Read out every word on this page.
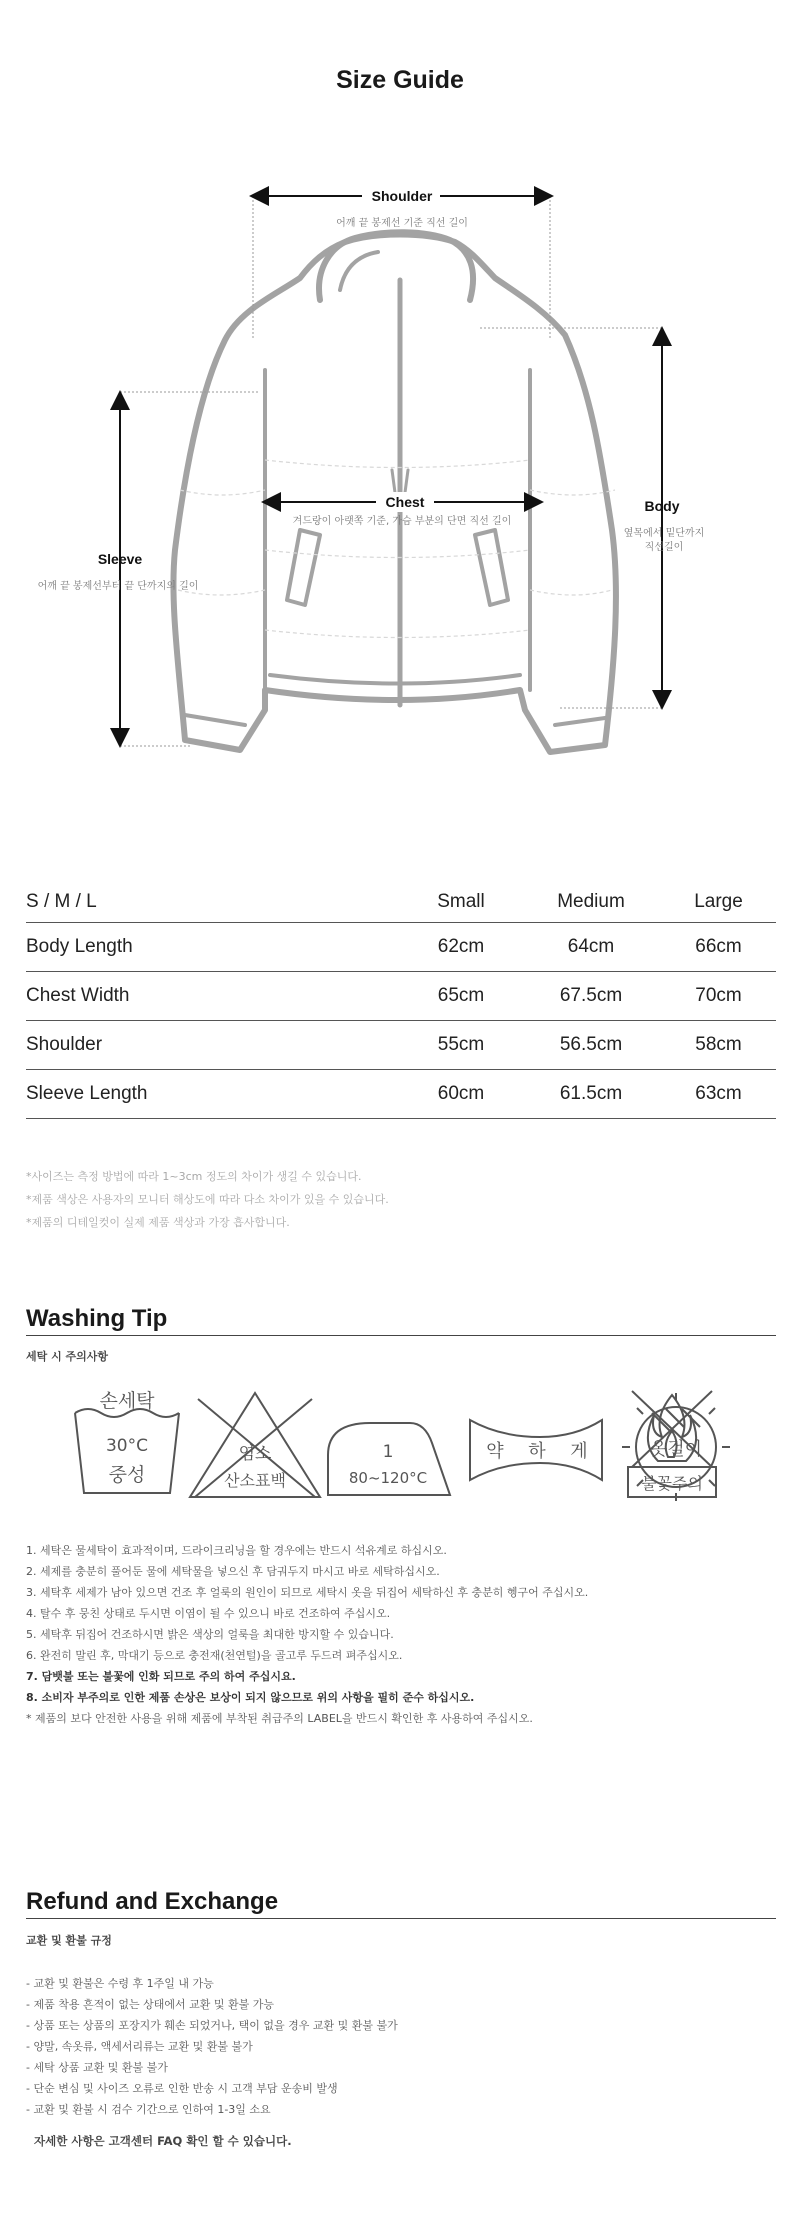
Size Guide
Shoulder
어깨 끝 봉제선 기준 직선 길이
Chest
겨드랑이 아랫쪽 기준, 가슴 부분의 단면 직선 길이
Body
옆목에서 밑단까지
직선길이
Sleeve
어깨 끝 봉제선부터 끝 단까지의 길이
S / M / L	Small	Medium	Large
Body Length	62cm	64cm	66cm
Chest Width	65cm	67.5cm	70cm
Shoulder	55cm	56.5cm	58cm
Sleeve Length	60cm	61.5cm	63cm
*사이즈는 측정 방법에 따라 1~3cm 정도의 차이가 생길 수 있습니다.
*제품 색상은 사용자의 모니터 해상도에 따라 다소 차이가 있을 수 있습니다.
*제품의 디테일컷이 실제 제품 색상과 가장 흡사합니다.
Washing Tip
세탁 시 주의사항
손세탁
30°C
중성
염소
산소표백
1
80~120°C
약 하 게	옷걸이
불꽃주의
1. 세탁은 물세탁이 효과적이며, 드라이크리닝을 할 경우에는 반드시 석유계로 하십시오.
2. 세제를 충분히 풀어둔 물에 세탁물을 넣으신 후 담궈두지 마시고 바로 세탁하십시오.
3. 세탁후 세제가 남아 있으면 건조 후 얼룩의 원인이 되므로 세탁시 옷을 뒤집어 세탁하신 후 충분히 헹구어 주십시오.
4. 탈수 후 뭉친 상태로 두시면 이염이 될 수 있으니 바로 건조하여 주십시오.
5. 세탁후 뒤집어 건조하시면 밝은 색상의 얼룩을 최대한 방지할 수 있습니다.
6. 완전히 말린 후, 막대기 등으로 충전재(천연털)을 골고루 두드려 펴주십시오.
7. 담뱃불 또는 불꽃에 인화 되므로 주의 하여 주십시요.
8. 소비자 부주의로 인한 제품 손상은 보상이 되지 않으므로 위의 사항을 필히 준수 하십시오.
* 제품의 보다 안전한 사용을 위해 제품에 부착된 취급주의 LABEL을 반드시 확인한 후 사용하여 주십시오.
Refund and Exchange
교환 및 환불 규정
- 교환 및 환불은 수령 후 1주일 내 가능
- 제품 착용 흔적이 없는 상태에서 교환 및 환불 가능
- 상품 또는 상품의 포장지가 훼손 되었거나, 택이 없을 경우 교환 및 환불 불가
- 양말, 속옷류, 액세서리류는 교환 및 환불 불가
- 세탁 상품 교환 및 환불 불가
- 단순 변심 및 사이즈 오류로 인한 반송 시 고객 부담 운송비 발생
- 교환 및 환불 시 검수 기간으로 인하여 1-3일 소요
자세한 사항은 고객센터 FAQ 확인 할 수 있습니다.
